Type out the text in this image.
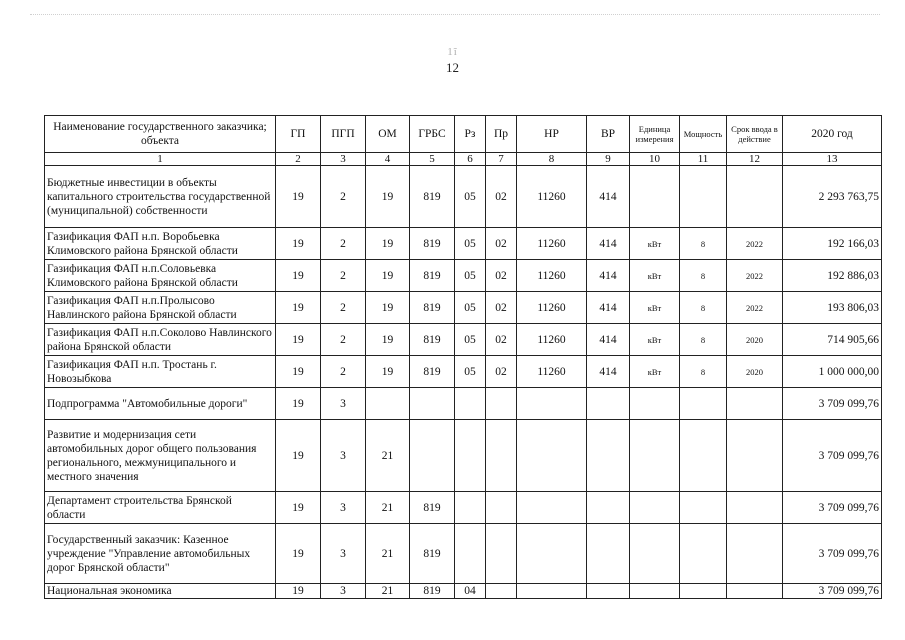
1ĩ
12
Наименование государственного заказчика; объекта	ГП	ПГП	ОМ	ГРБС	Рз	Пр	НР	ВР	Единица измерения	Мощность	Срок ввода в действие	2020 год
1	2	3	4	5	6	7	8	9	10	11	12	13
Бюджетные инвестиции в объекты капитального строительства государственной (муниципальной) собственности	19	2	19	819	05	02	11260	414				2 293 763,75
Газификация ФАП н.п. Воробьевка Климовского района Брянской области	19	2	19	819	05	02	11260	414	кВт	8	2022	192 166,03
Газификация ФАП н.п.Соловьевка Климовского района Брянской области	19	2	19	819	05	02	11260	414	кВт	8	2022	192 886,03
Газификация ФАП н.п.Пролысово Навлинского района Брянской области	19	2	19	819	05	02	11260	414	кВт	8	2022	193 806,03
Газификация ФАП н.п.Соколово Навлинского района Брянской области	19	2	19	819	05	02	11260	414	кВт	8	2020	714 905,66
Газификация ФАП н.п. Тростань г. Новозыбкова	19	2	19	819	05	02	11260	414	кВт	8	2020	1 000 000,00
Подпрограмма "Автомобильные дороги"	19	3										3 709 099,76
Развитие и модернизация сети автомобильных дорог общего пользования регионального, межмуниципального и местного значения	19	3	21									3 709 099,76
Департамент строительства Брянской области	19	3	21	819								3 709 099,76
Государственный заказчик: Казенное учреждение "Управление автомобильных дорог Брянской области"	19	3	21	819								3 709 099,76
Национальная экономика	19	3	21	819	04							3 709 099,76
